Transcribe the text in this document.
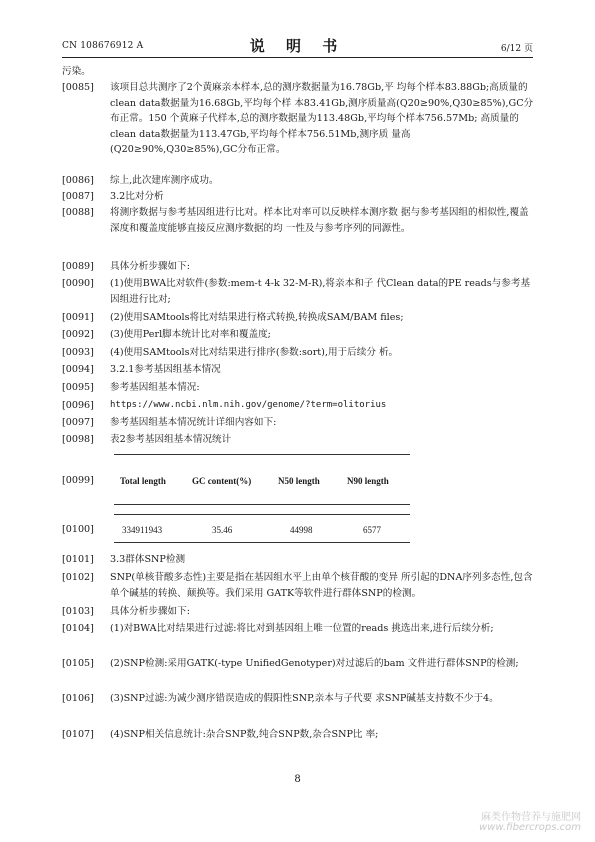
CN 108676912 A	说 明 书	6/12 页
污染。
[0085]	该项目总共测序了2个黄麻亲本样本,总的测序数据量为16.78Gb,平 均每个样本83.88Gb;高质量的clean data数据量为16.68Gb,平均每个样 本83.41Gb,测序质量高(Q20≥90%,Q30≥85%),GC分布正常。150 个黄麻子代样本,总的测序数据量为113.48Gb,平均每个样本756.57Mb; 高质量的clean data数据量为113.47Gb,平均每个样本756.51Mb,测序质 量高(Q20≥90%,Q30≥85%),GC分布正常。
[0086]	综上,此次建库测序成功。
[0087]	3.2比对分析
[0088]	将测序数据与参考基因组进行比对。样本比对率可以反映样本测序数 据与参考基因组的相似性,覆盖深度和覆盖度能够直接反应测序数据的均 一性及与参考序列的同源性。
[0089]	具体分析步骤如下:
[0090]	(1)使用BWA比对软件(参数:mem-t 4-k 32-M-R),将亲本和子 代Clean data的PE reads与参考基因组进行比对;
[0091]	(2)使用SAMtools将比对结果进行格式转换,转换成SAM/BAM files;
[0092]	(3)使用Perl脚本统计比对率和覆盖度;
[0093]	(4)使用SAMtools对比对结果进行排序(参数:sort),用于后续分 析。
[0094]	3.2.1参考基因组基本情况
[0095]	参考基因组基本情况:
[0096]	https://www.ncbi.nlm.nih.gov/genome/?term=olitorius
[0097]	参考基因组基本情况统计详细内容如下:
[0098]	表2参考基因组基本情况统计
[0099]	Total length	GC content(%)	N50 length	N90 length
[0100]	334911943	35.46	44998	6577
[0101]	3.3群体SNP检测
[0102]	SNP(单核苷酸多态性)主要是指在基因组水平上由单个核苷酸的变异 所引起的DNA序列多态性,包含单个碱基的转换、颠换等。我们采用 GATK等软件进行群体SNP的检测。
[0103]	具体分析步骤如下:
[0104]	(1)对BWA比对结果进行过滤:将比对到基因组上唯一位置的reads 挑选出来,进行后续分析;
[0105]	(2)SNP检测:采用GATK(-type UnifiedGenotyper)对过滤后的bam 文件进行群体SNP的检测;
[0106]	(3)SNP过滤:为减少测序错误造成的假阳性SNP,亲本与子代要 求SNP碱基支持数不少于4。
[0107]	(4)SNP相关信息统计:杂合SNP数,纯合SNP数,杂合SNP比 率;
8
麻类作物营养与施肥网
www.fibercrops.com
